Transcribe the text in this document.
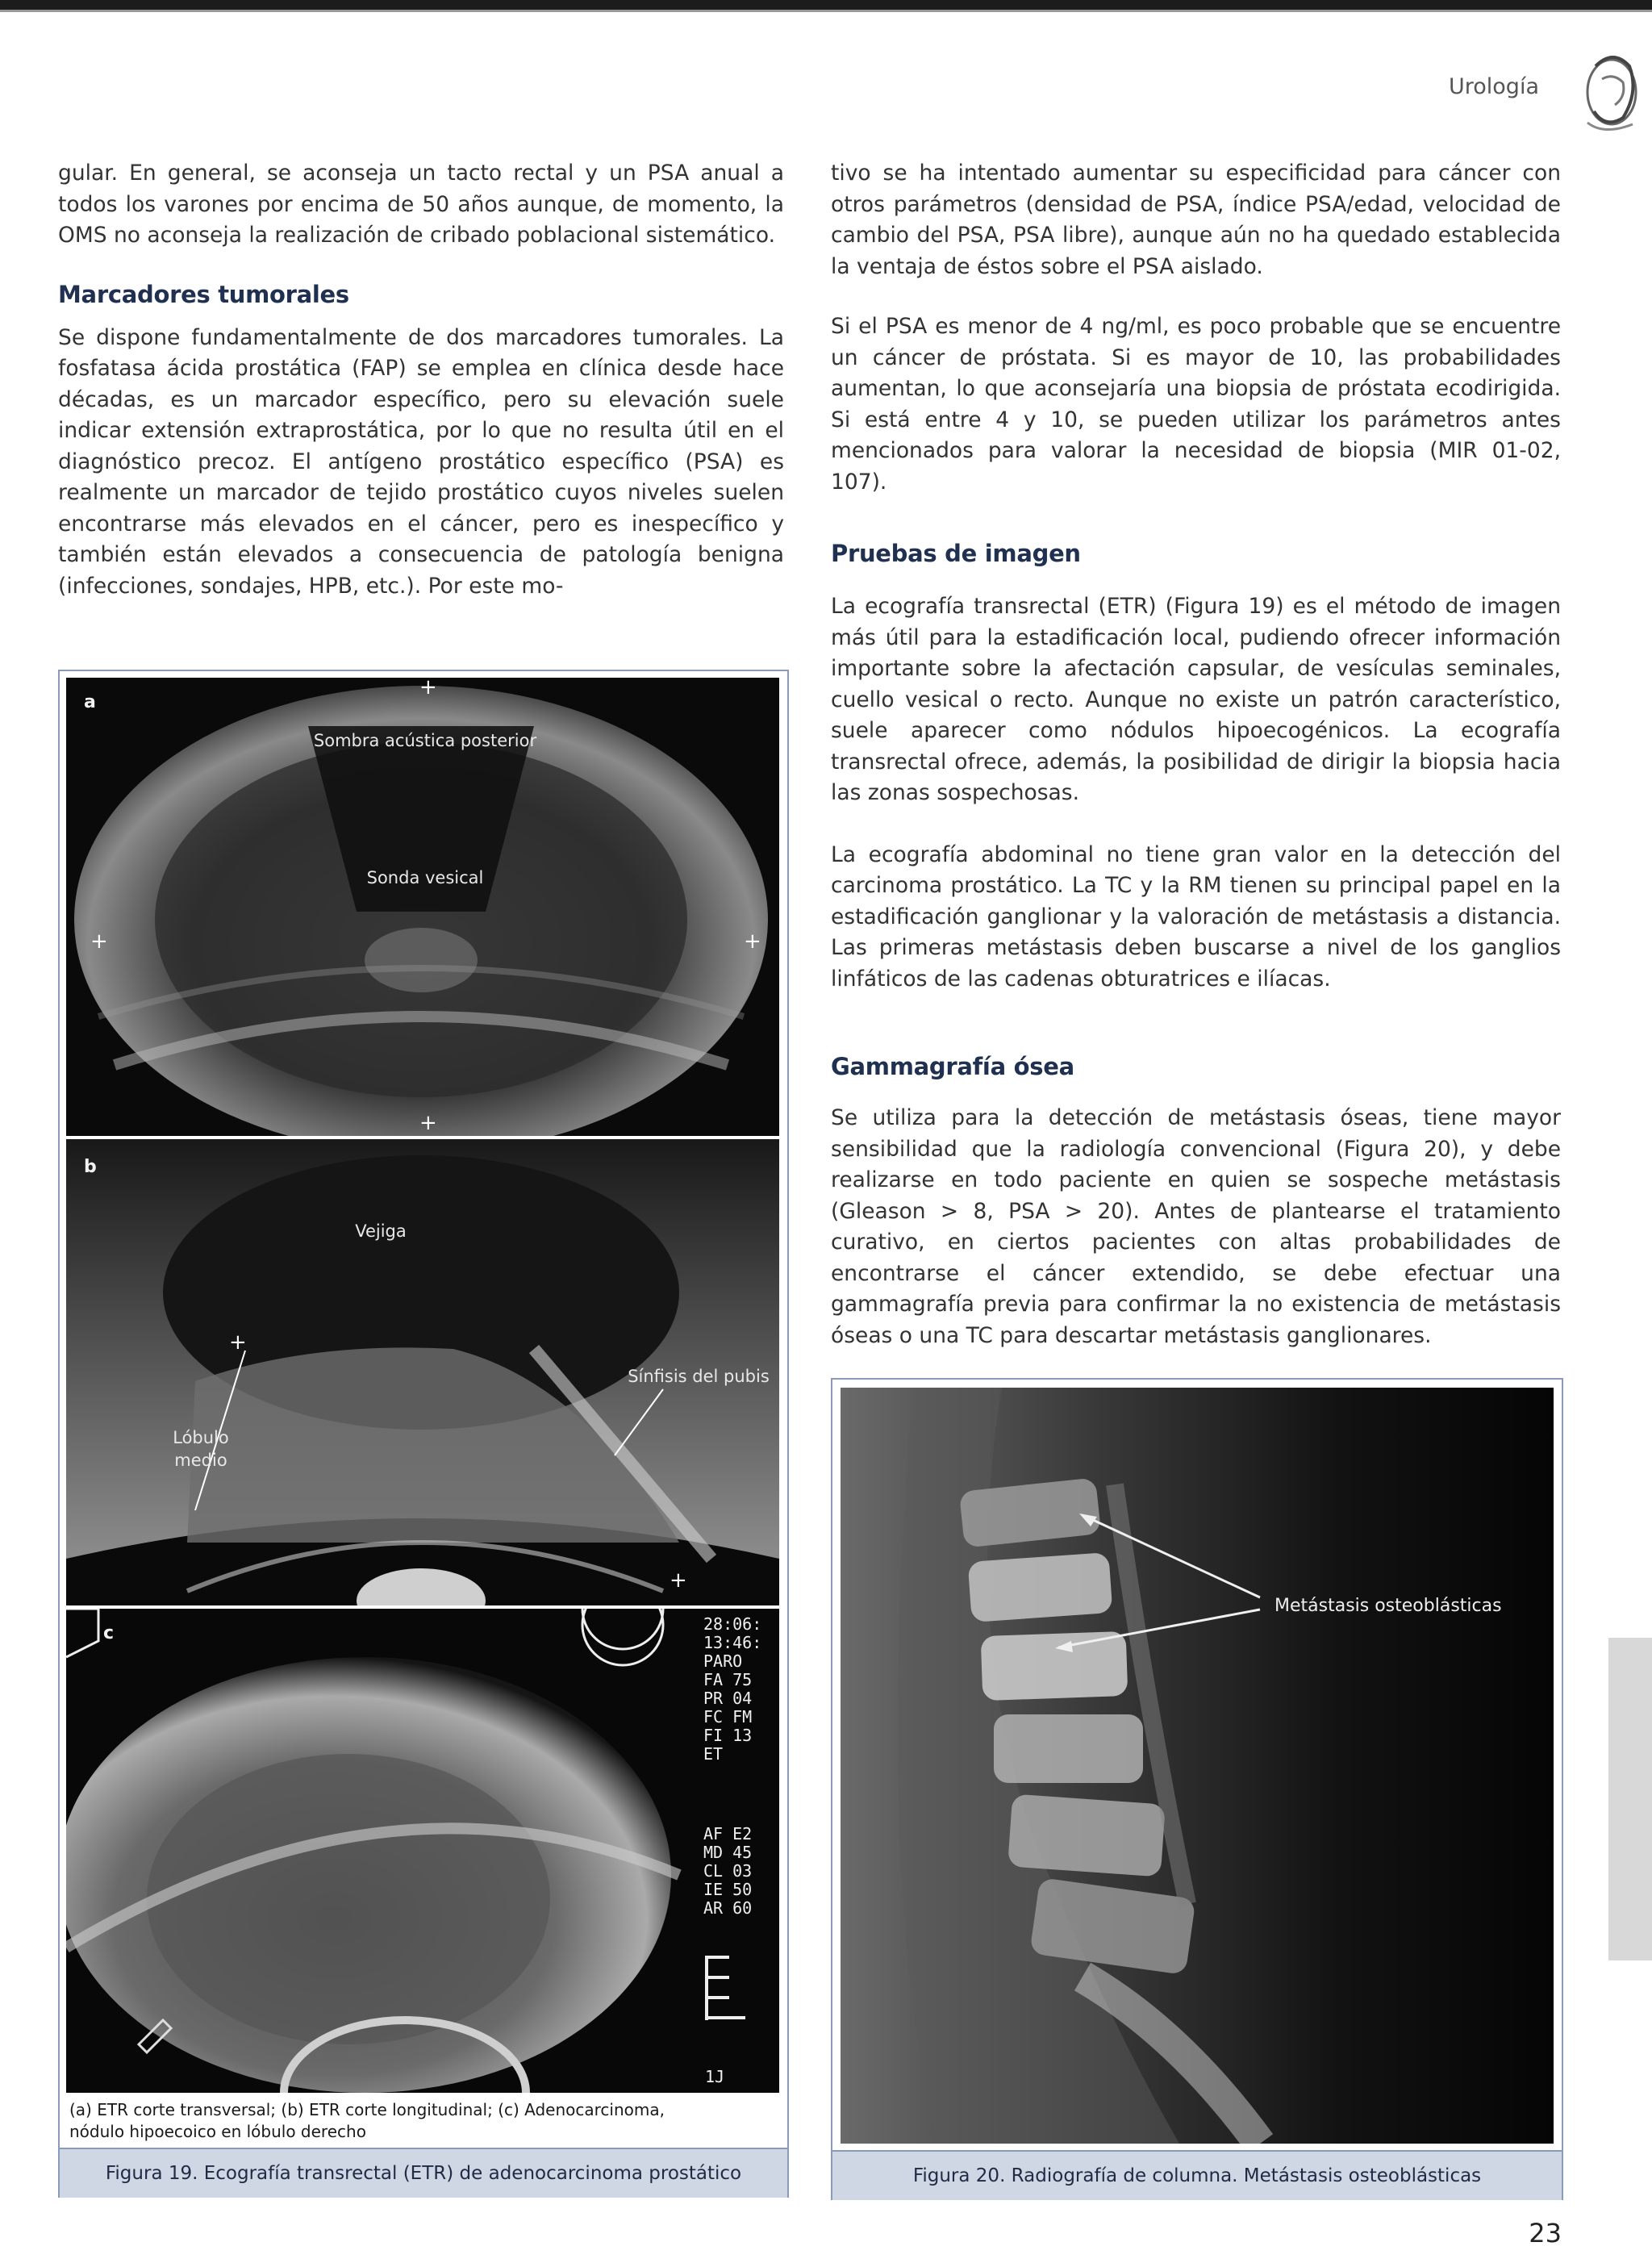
Urología

gular. En general, se aconseja un tacto rectal y un PSA anual a todos los varones por encima de 50 años aunque, de momento, la OMS no aconseja la realización de cribado poblacional sistemático.

Marcadores tumorales

Se dispone fundamentalmente de dos marcadores tumorales. La fosfatasa ácida prostática (FAP) se emplea en clínica desde hace décadas, es un marcador específico, pero su elevación suele indicar extensión extraprostática, por lo que no resulta útil en el diagnóstico precoz. El antígeno prostático específico (PSA) es realmente un marcador de tejido prostático cuyos niveles suelen encontrarse más elevados en el cáncer, pero es inespecífico y también están elevados a consecuencia de patología benigna (infecciones, sondajes, HPB, etc.). Por este mo-

tivo se ha intentado aumentar su especificidad para cáncer con otros parámetros (densidad de PSA, índice PSA/edad, velocidad de cambio del PSA, PSA libre), aunque aún no ha quedado establecida la ventaja de éstos sobre el PSA aislado.

Si el PSA es menor de 4 ng/ml, es poco probable que se encuentre un cáncer de próstata. Si es mayor de 10, las probabilidades aumentan, lo que aconsejaría una biopsia de próstata ecodirigida. Si está entre 4 y 10, se pueden utilizar los parámetros antes mencionados para valorar la necesidad de biopsia (MIR 01-02, 107).

Pruebas de imagen

La ecografía transrectal (ETR) (Figura 19) es el método de imagen más útil para la estadificación local, pudiendo ofrecer información importante sobre la afectación capsular, de vesículas seminales, cuello vesical o recto. Aunque no existe un patrón característico, suele aparecer como nódulos hipoecogénicos. La ecografía transrectal ofrece, además, la posibilidad de dirigir la biopsia hacia las zonas sospechosas.

La ecografía abdominal no tiene gran valor en la detección del carcinoma prostático. La TC y la RM tienen su principal papel en la estadificación ganglionar y la valoración de metástasis a distancia. Las primeras metástasis deben buscarse a nivel de los ganglios linfáticos de las cadenas obturatrices e ilíacas.

Gammagrafía ósea

Se utiliza para la detección de metástasis óseas, tiene mayor sensibilidad que la radiología convencional (Figura 20), y debe realizarse en todo paciente en quien se sospeche metástasis (Gleason > 8, PSA > 20). Antes de plantearse el tratamiento curativo, en ciertos pacientes con altas probabilidades de encontrarse el cáncer extendido, se debe efectuar una gammagrafía previa para confirmar la no existencia de metástasis óseas o una TC para descartar metástasis ganglionares.

+
+	+
+
a
Sombra acústica posterior
Sonda vesical
+
+
b
Vejiga
Sínfisis del pubis
Lóbulo medio
c	28:06:
13:46:
PARO
FA 75
PR 04
FC FM
FI 13
ET
AF E2
MD 45
CL 03
IE 50
AR 60
1J
(a) ETR corte transversal; (b) ETR corte longitudinal; (c) Adenocarcinoma, nódulo hipoecoico en lóbulo derecho
Figura 19. Ecografía transrectal (ETR) de adenocarcinoma prostático
Metástasis osteoblásticas
Figura 20. Radiografía de columna. Metástasis osteoblásticas
23
